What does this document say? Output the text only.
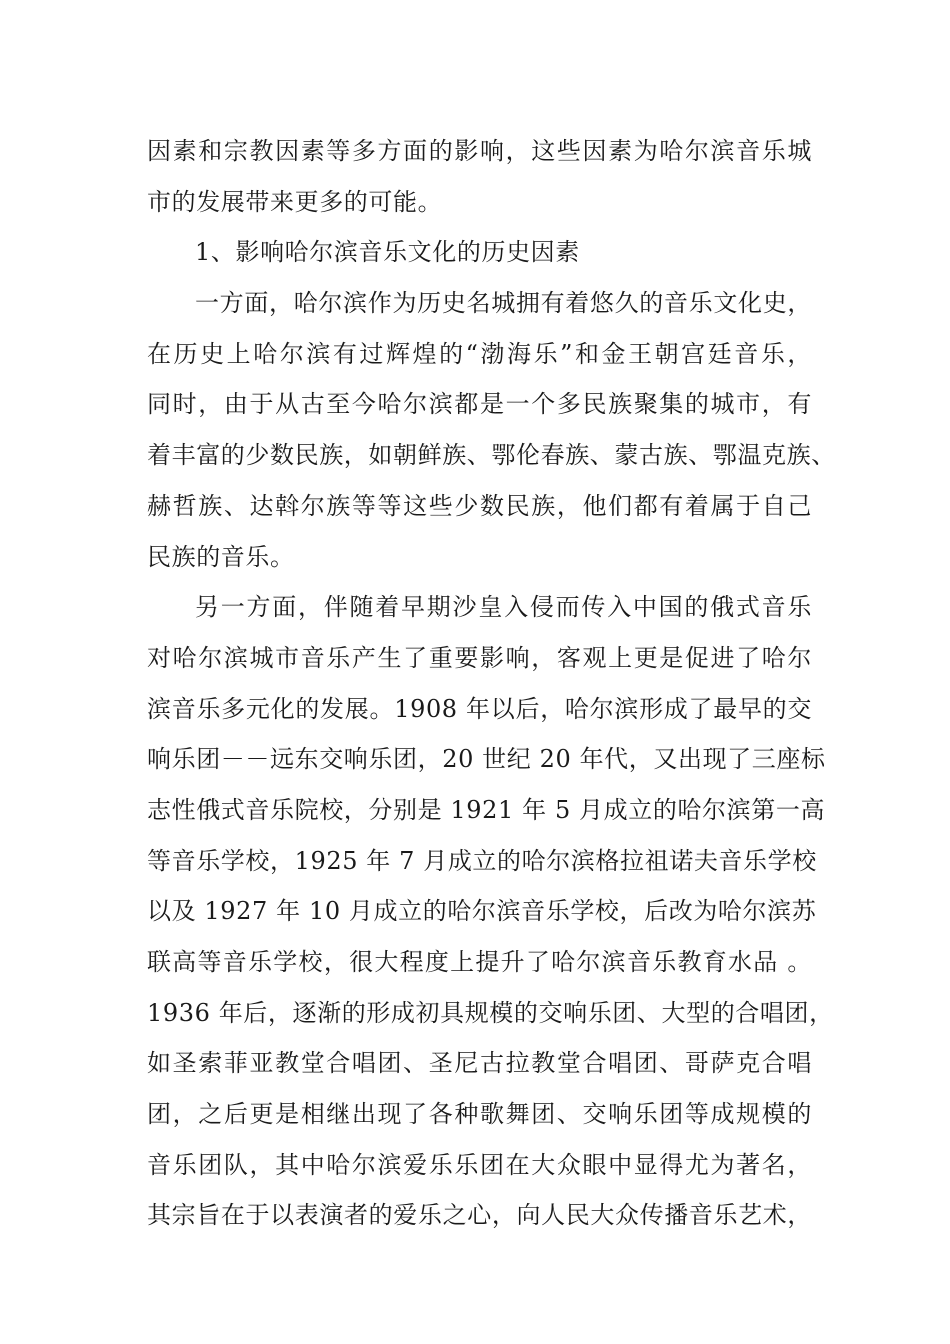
因素和宗教因素等多方面的影响，这些因素为哈尔滨音乐城
市的发展带来更多的可能。
1、影响哈尔滨音乐文化的历史因素
一方面，哈尔滨作为历史名城拥有着悠久的音乐文化史，
在历史上哈尔滨有过辉煌的“渤海乐”和金王朝宫廷音乐，
同时，由于从古至今哈尔滨都是一个多民族聚集的城市，有
着丰富的少数民族，如朝鲜族、鄂伦春族、蒙古族、鄂温克族、
赫哲族、达斡尔族等等这些少数民族，他们都有着属于自己
民族的音乐。
另一方面，伴随着早期沙皇入侵而传入中国的俄式音乐
对哈尔滨城市音乐产生了重要影响，客观上更是促进了哈尔
滨音乐多元化的发展。1908 年以后，哈尔滨形成了最早的交
响乐团－－远东交响乐团，20 世纪 20 年代，又出现了三座标
志性俄式音乐院校，分别是 1921 年 5 月成立的哈尔滨第一高
等音乐学校，1925 年 7 月成立的哈尔滨格拉祖诺夫音乐学校
以及 1927 年 10 月成立的哈尔滨音乐学校，后改为哈尔滨苏
联高等音乐学校，很大程度上提升了哈尔滨音乐教育水品 。
1936 年后，逐渐的形成初具规模的交响乐团、大型的合唱团，
如圣索菲亚教堂合唱团、圣尼古拉教堂合唱团、哥萨克合唱
团，之后更是相继出现了各种歌舞团、交响乐团等成规模的
音乐团队，其中哈尔滨爱乐乐团在大众眼中显得尤为著名，
其宗旨在于以表演者的爱乐之心，向人民大众传播音乐艺术，
